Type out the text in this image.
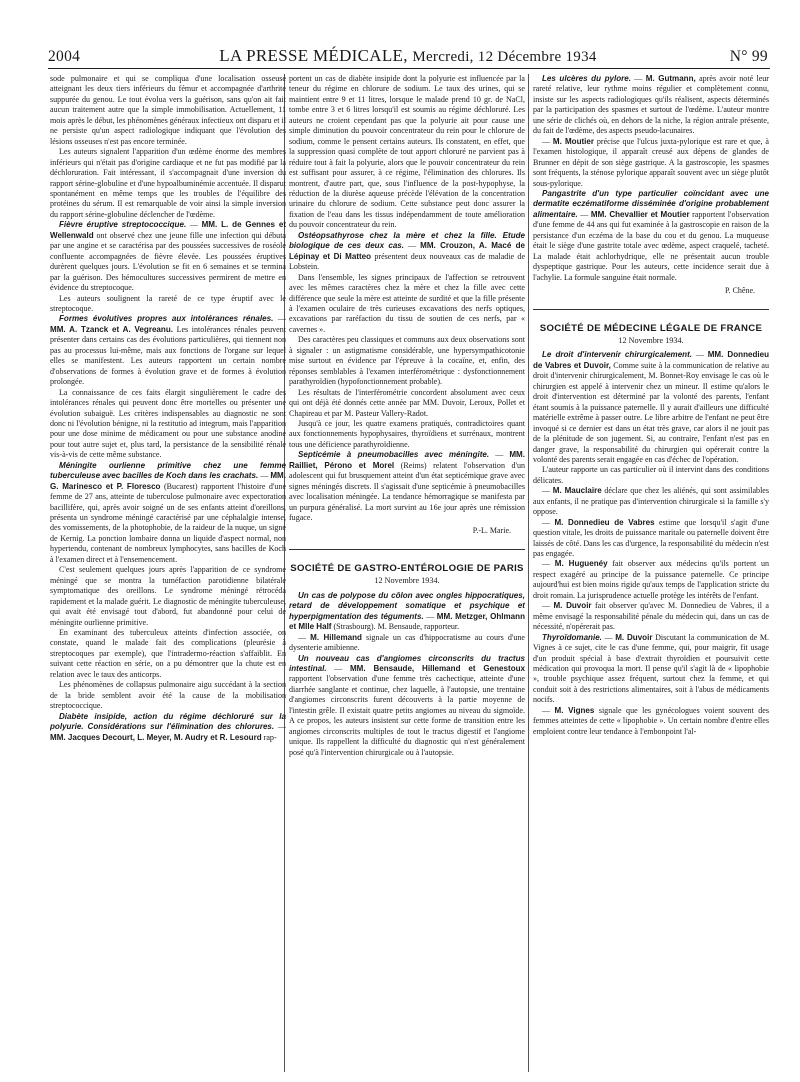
2004	LA PRESSE MÉDICALE, Mercredi, 12 Décembre 1934	N° 99

sode pulmonaire et qui se compliqua d'une localisation osseuse atteignant les deux tiers inférieurs du fémur et accompagnée d'arthrite suppurée du genou. Le tout évolua vers la guérison, sans qu'on ait fait aucun traitement autre que la simple immobilisation. Actuellement, 11 mois après le début, les phénomènes généraux infectieux ont disparu et il ne persiste qu'un aspect radiologique indiquant que l'évolution des lésions osseuses n'est pas encore terminée.

Les auteurs signalent l'apparition d'un œdème énorme des membres inférieurs qui n'était pas d'origine cardiaque et ne fut pas modifié par la déchloruration. Fait intéressant, il s'accompagnait d'une inversion du rapport sérine-globuline et d'une hypoalbuminémie accentuée. Il disparut spontanément en même temps que les troubles de l'équilibre des protéines du sérum. Il est remarquable de voir ainsi la simple inversion du rapport sérine-globuline déclencher de l'œdème.

Fièvre éruptive streptococcique. — MM. L. de Gennes et Wellenwald ont observé chez une jeune fille une infection qui débuta par une angine et se caractérisa par des poussées successives de roséole confluente accompagnées de fièvre élevée. Les poussées éruptives durèrent quelques jours. L'évolution se fit en 6 semaines et se termina par la guérison. Des hémocultures successives permirent de mettre en évidence du streptocoque.

Les auteurs soulignent la rareté de ce type éruptif avec le streptocoque.

Formes évolutives propres aux intolérances rénales. — MM. A. Tzanck et A. Vegreanu. Les intolérances rénales peuvent présenter dans certains cas des évolutions particulières, qui tiennent non pas au processus lui-même, mais aux fonctions de l'organe sur lequel elles se manifestent. Les auteurs rapportent un certain nombre d'observations de formes à évolution grave et de formes à évolution prolongée.

La connaissance de ces faits élargit singulièrement le cadre des intolérances rénales qui peuvent donc être mortelles ou présenter une évolution subaiguë. Les critères indispensables au diagnostic ne sont donc ni l'évolution bénigne, ni la restitutio ad integrum, mais l'apparition pour une dose minime de médicament ou pour une substance anodine pour tout autre sujet et, plus tard, la persistance de la sensibilité rénale vis-à-vis de cette même substance.

Méningite ourlienne primitive chez une femme tuberculeuse avec bacilles de Koch dans les crachats. — MM. G. Marinesco et P. Floresco (Bucarest) rapportent l'histoire d'une femme de 27 ans, atteinte de tuberculose pulmonaire avec expectoration bacillifère, qui, après avoir soigné un de ses enfants atteint d'oreillons, présenta un syndrome méningé caractérisé par une céphalalgie intense, des vomissements, de la photophobie, de la raideur de la nuque, un signe de Kernig. La ponction lombaire donna un liquide d'aspect normal, non hypertendu, contenant de nombreux lymphocytes, sans bacilles de Koch à l'examen direct et à l'ensemencement.

C'est seulement quelques jours après l'apparition de ce syndrome méningé que se montra la tuméfaction parotidienne bilatérale symptomatique des oreillons. Le syndrome méningé rétrocéda rapidement et la malade guérit. Le diagnostic de méningite tuberculeuse, qui avait été envisagé tout d'abord, fut abandonné pour celui de méningite ourlienne primitive.

En examinant des tuberculeux atteints d'infection associée, on constate, quand le malade fait des complications (pleurésie à streptocoques par exemple), que l'intradermo-réaction s'affaiblit. En suivant cette réaction en série, on a pu démontrer que la chute est en relation avec le taux des anticorps.

Les phénomènes de collapsus pulmonaire aigu succédant à la section de la bride semblent avoir été la cause de la mobilisation streptococcique.

Diabète insipide, action du régime déchloruré sur la polyurie. Considérations sur l'élimination des chlorures. — MM. Jacques Decourt, L. Meyer, M. Audry et R. Lesourd rap-

portent un cas de diabète insipide dont la polyurie est influencée par la teneur du régime en chlorure de sodium. Le taux des urines, qui se maintient entre 9 et 11 litres, lorsque le malade prend 10 gr. de NaCl, tombe entre 3 et 6 litres lorsqu'il est soumis au régime déchloruré. Les auteurs ne croient cependant pas que la polyurie ait pour cause une simple diminution du pouvoir concentrateur du rein pour le chlorure de sodium, comme le pensent certains auteurs. Ils constatent, en effet, que la suppression quasi complète de tout apport chloruré ne parvient pas à réduire tout à fait la polyurie, alors que le pouvoir concentrateur du rein est suffisant pour assurer, à ce régime, l'élimination des chlorures. Ils montrent, d'autre part, que, sous l'influence de la post-hypophyse, la réduction de la diurèse aqueuse précède l'élévation de la concentration urinaire du chlorure de sodium. Cette substance peut donc assurer la fixation de l'eau dans les tissus indépendamment de toute amélioration du pouvoir concentrateur du rein.

Ostéopsathyrose chez la mère et chez la fille. Etude biologique de ces deux cas. — MM. Crouzon, A. Macé de Lépinay et Di Matteo présentent deux nouveaux cas de maladie de Lobstein.

Dans l'ensemble, les signes principaux de l'affection se retrouvent avec les mêmes caractères chez la mère et chez la fille avec cette différence que seule la mère est atteinte de surdité et que la fille présente à l'examen oculaire de très curieuses excavations des nerfs optiques, excavations par raréfaction du tissu de soutien de ces nerfs, par « cavernes ».

Des caractères peu classiques et communs aux deux observations sont à signaler : un astigmatisme considérable, une hypersympathicotonie mise surtout en évidence par l'épreuve à la cocaïne, et, enfin, des réponses semblables à l'examen interférométrique : dysfonctionnement parathyroïdien (hypofonctionnement probable).

Les résultats de l'interférométrie concordent absolument avec ceux qui ont déjà été donnés cette année par MM. Duvoir, Leroux, Pollet et Chapireau et par M. Pasteur Vallery-Radot.

Jusqu'à ce jour, les quatre examens pratiqués, contradictoires quant aux fonctionnements hypophysaires, thyroïdiens et surrénaux, montrent tous une déficience parathyroïdienne.

Septicémie à pneumobacilles avec méningite. — MM. Railliet, Pérono et Morel (Reims) relatent l'observation d'un adolescent qui fut brusquement atteint d'un état septicémique grave avec signes méningés discrets. Il s'agissait d'une septicémie à pneumobacilles avec localisation méningée. La tendance hémorragique se manifesta par un purpura généralisé. La mort survint au 16e jour après une rémission fugace.

P.-L. Marie.
SOCIÉTÉ DE GASTRO-ENTÉROLOGIE DE PARIS
12 Novembre 1934.

Un cas de polypose du côlon avec ongles hippocratiques, retard de développement somatique et psychique et hyperpigmentation des téguments. — MM. Metzger, Ohlmann et Mlle Half (Strasbourg). M. Bensaude, rapporteur.

— M. Hillemand signale un cas d'hippocratisme au cours d'une dysenterie amibienne.

Un nouveau cas d'angiomes circonscrits du tractus intestinal. — MM. Bensaude, Hillemand et Genestoux rapportent l'observation d'une femme très cachectique, atteinte d'une diarrhée sanglante et continue, chez laquelle, à l'autopsie, une trentaine d'angiomes circonscrits furent découverts à la partie moyenne de l'intestin grêle. Il existait quatre petits angiomes au niveau du sigmoïde. A ce propos, les auteurs insistent sur cette forme de transition entre les angiomes circonscrits multiples de tout le tractus digestif et l'angiome unique. Ils rappellent la difficulté du diagnostic qui n'est généralement posé qu'à l'intervention chirurgicale ou à l'autopsie.

Les ulcères du pylore. — M. Gutmann, après avoir noté leur rareté relative, leur rythme moins régulier et complètement connu, insiste sur les aspects radiologiques qu'ils réalisent, aspects déterminés par la participation des spasmes et surtout de l'œdème. L'auteur montre une série de clichés où, en dehors de la niche, la région antrale présente, du fait de l'œdème, des aspects pseudo-lacunaires.

— M. Moutier précise que l'ulcus juxta-pylorique est rare et que, à l'examen histologique, il apparaît creusé aux dépens de glandes de Brunner en dépit de son siège gastrique. A la gastroscopie, les spasmes sont fréquents, la sténose pylorique apparaît souvent avec un siège plutôt sous-pylorique.

Pangastrite d'un type particulier coïncidant avec une dermatite eczématiforme disséminée d'origine probablement alimentaire. — MM. Chevallier et Moutier rapportent l'observation d'une femme de 44 ans qui fut examinée à la gastroscopie en raison de la persistance d'un eczéma de la base du cou et du genou. La muqueuse était le siège d'une gastrite totale avec œdème, aspect craquelé, tacheté. La malade était achlorhydrique, elle ne présentait aucun trouble dyspeptique gastrique. Pour les auteurs, cette incidence serait due à l'achylie. La formule sanguine était normale.

P. Chêne.
SOCIÉTÉ DE MÉDECINE LÉGALE DE FRANCE
12 Novembre 1934.

Le droit d'intervenir chirurgicalement. — MM. Donnedieu de Vabres et Duvoir, Comme suite à la communication de relative au droit d'intervenir chirurgicalement, M. Bonnet-Roy envisage le cas où le chirurgien est appelé à intervenir chez un mineur. Il estime qu'alors le droit d'intervention est déterminé par la volonté des parents, l'enfant étant soumis à la puissance paternelle. Il y aurait d'ailleurs une difficulté matérielle extrême à passer outre. Le libre arbitre de l'enfant ne peut être invoqué si ce dernier est dans un état très grave, car alors il ne jouit pas de la plénitude de son jugement. Si, au contraire, l'enfant n'est pas en danger grave, la responsabilité du chirurgien qui opérerait contre la volonté des parents serait engagée en cas d'échec de l'opération.

L'auteur rapporte un cas particulier où il intervint dans des conditions délicates.

— M. Mauclaire déclare que chez les aliénés, qui sont assimilables aux enfants, il ne pratique pas d'intervention chirurgicale si la famille s'y oppose.

— M. Donnedieu de Vabres estime que lorsqu'il s'agit d'une question vitale, les droits de puissance maritale ou paternelle doivent être laissés de côté. Dans les cas d'urgence, la responsabilité du médecin n'est pas engagée.

— M. Huguenéy fait observer aux médecins qu'ils portent un respect exagéré au principe de la puissance paternelle. Ce principe aujourd'hui est bien moins rigide qu'aux temps de l'application stricte du droit romain. La jurisprudence actuelle protège les intérêts de l'enfant.

— M. Duvoir fait observer qu'avec M. Donnedieu de Vabres, il a même envisagé la responsabilité pénale du médecin qui, dans un cas de nécessité, n'opérerait pas.

Thyroïdomanie. — M. Duvoir Discutant la communication de M. Vignes à ce sujet, cite le cas d'une femme, qui, pour maigrir, fit usage d'un produit spécial à base d'extrait thyroïdien et poursuivit cette médication qui provoqua la mort. Il pense qu'il s'agit là de « lipophobie », trouble psychique assez fréquent, surtout chez la femme, et qui conduit soit à des restrictions alimentaires, soit à l'abus de médicaments nocifs.

— M. Vignes signale que les gynécologues voient souvent des femmes atteintes de cette « lipophobie ». Un certain nombre d'entre elles emploient contre leur tendance à l'embonpoint l'al-
